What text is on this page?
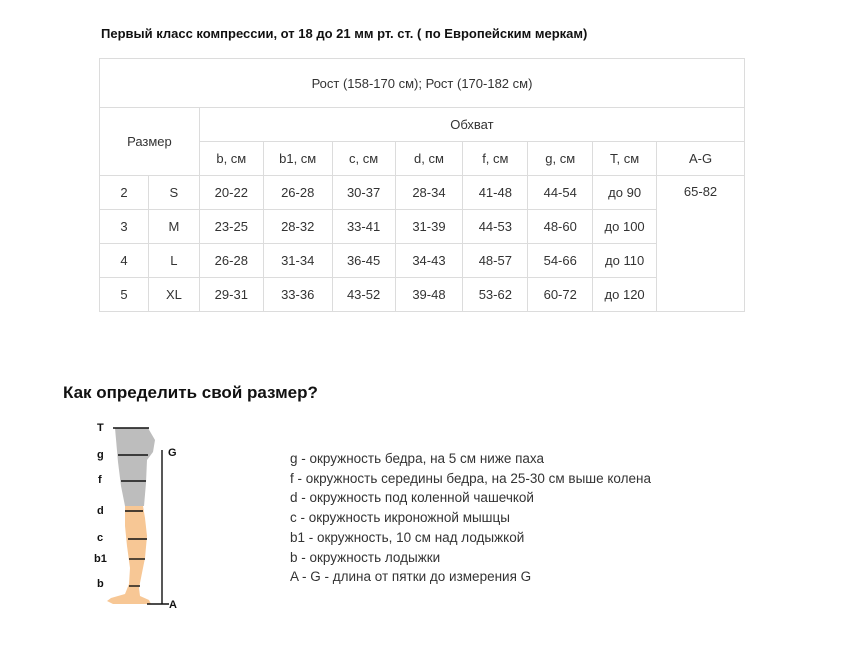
Первый класс компрессии, от 18 до 21 мм рт. ст. ( по Европейским меркам)
Рост (158-170 см); Рост (170-182 см)									
Размер		Обхват							
		b, см	b1, см	c, см	d, см	f, см	g, см	T, см	A-G
2	S	20-22	26-28	30-37	28-34	41-48	44-54	до 90	65-82
3	M	23-25	28-32	33-41	31-39	44-53	48-60	до 100	
4	L	26-28	31-34	36-45	34-43	48-57	54-66	до 110	
5	XL	29-31	33-36	43-52	39-48	53-62	60-72	до 120	
Как определить свой размер?
T
g
f
d
c
b1
b
G
A
g - окружность бедра, на 5 см ниже паха
f - окружность середины бедра, на 25-30 см выше колена
d - окружность под коленной чашечкой
c - окружность икроножной мышцы
b1 - окружность, 10 см над лодыжкой
b - окружность лодыжки
A - G - длина от пятки до измерения G
